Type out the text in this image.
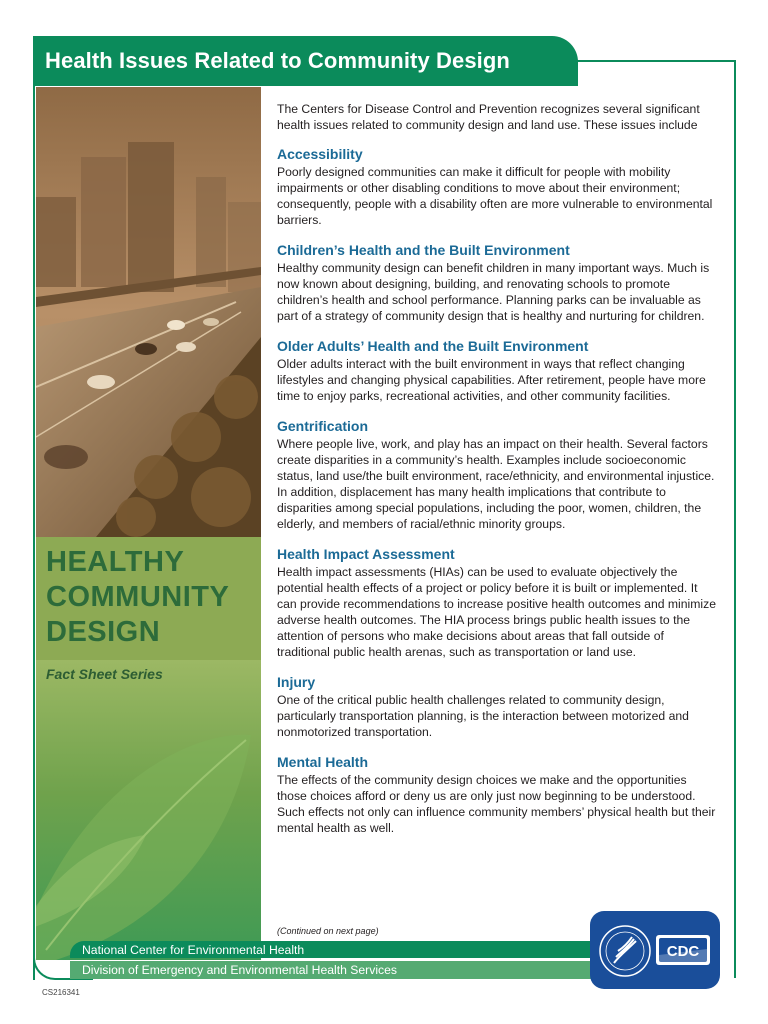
Health Issues Related to Community Design
HEALTHY
COMMUNITY
DESIGN
Fact Sheet Series

The Centers for Disease Control and Prevention recognizes several significant health issues related to community design and land use. These issues include

Accessibility

Poorly designed communities can make it difficult for people with mobility impairments or other disabling conditions to move about their environment; consequently, people with a disability often are more vulnerable to environmental barriers.

Children’s Health and the Built Environment

Healthy community design can benefit children in many important ways. Much is now known about designing, building, and renovating schools to promote children’s health and school performance. Planning parks can be invaluable as part of a strategy of community design that is healthy and nurturing for children.

Older Adults’ Health and the Built Environment

Older adults interact with the built environment in ways that reflect changing lifestyles and changing physical capabilities. After retirement, people have more time to enjoy parks, recreational activities, and other community facilities.

Gentrification

Where people live, work, and play has an impact on their health. Several factors create disparities in a community’s health. Examples include socioeconomic status, land use/the built environment, race/ethnicity, and environmental injustice. In addition, displacement has many health implications that contribute to disparities among special populations, including the poor, women, children, the elderly, and members of racial/ethnic minority groups.

Health Impact Assessment

Health impact assessments (HIAs) can be used to evaluate objectively the potential health effects of a project or policy before it is built or implemented. It can provide recommendations to increase positive health outcomes and minimize adverse health outcomes. The HIA process brings public health issues to the attention of persons who make decisions about areas that fall outside of traditional public health arenas, such as transportation or land use.

Injury

One of the critical public health challenges related to community design, particularly transportation planning, is the interaction between motorized and nonmotorized transportation.

Mental Health

The effects of the community design choices we make and the opportunities those choices afford or deny us are only just now beginning to be understood. Such effects not only can influence community members’ physical health but their mental health as well.

(Continued on next page)
National Center for Environmental Health
Division of Emergency and Environmental Health Services
CDC
CS216341
